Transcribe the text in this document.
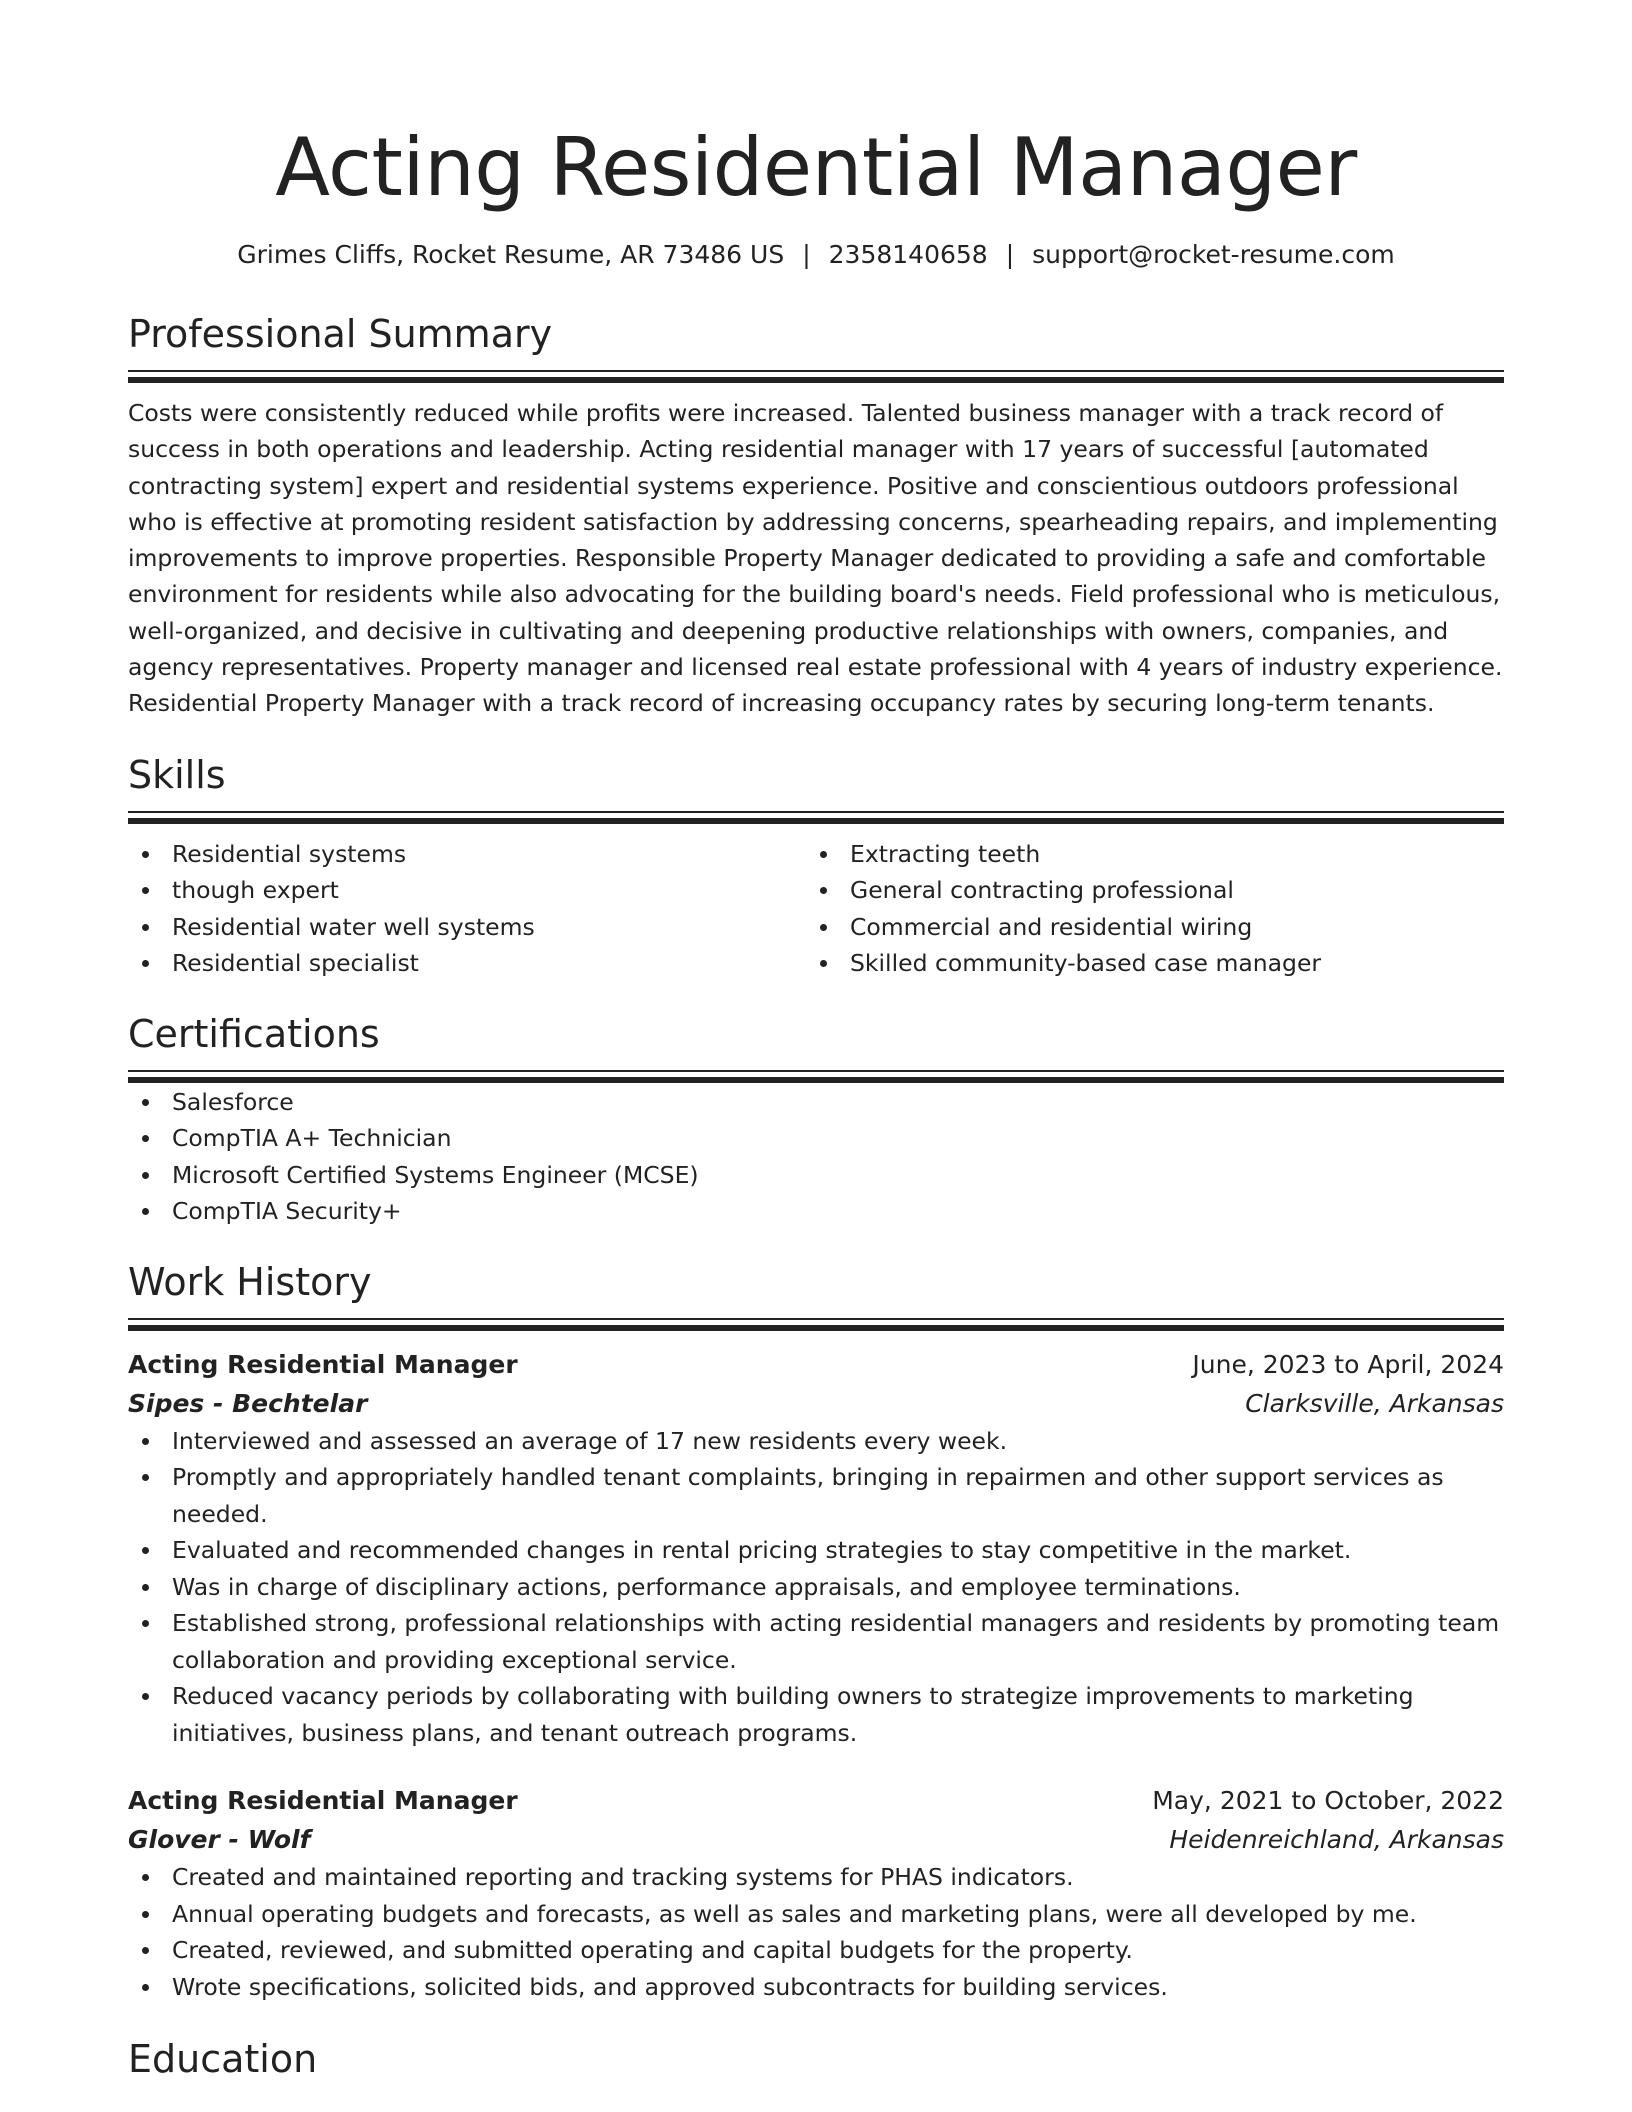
Acting Residential Manager
Grimes Cliffs, Rocket Resume, AR 73486 US | 2358140658 | support@rocket-resume.com
Professional Summary
Costs were consistently reduced while profits were increased. Talented business manager with a track record of success in both operations and leadership. Acting residential manager with 17 years of successful [automated contracting system] expert and residential systems experience. Positive and conscientious outdoors professional who is effective at promoting resident satisfaction by addressing concerns, spearheading repairs, and implementing improvements to improve properties. Responsible Property Manager dedicated to providing a safe and comfortable environment for residents while also advocating for the building board's needs. Field professional who is meticulous, well-organized, and decisive in cultivating and deepening productive relationships with owners, companies, and agency representatives. Property manager and licensed real estate professional with 4 years of industry experience. Residential Property Manager with a track record of increasing occupancy rates by securing long-term tenants.
Skills
Residential systems
though expert
Residential water well systems
Residential specialist
Extracting teeth
General contracting professional
Commercial and residential wiring
Skilled community-based case manager
Certifications
Salesforce
CompTIA A+ Technician
Microsoft Certified Systems Engineer (MCSE)
CompTIA Security+
Work History
Acting Residential Manager	June, 2023 to April, 2024
Sipes - Bechtelar	Clarksville, Arkansas
Interviewed and assessed an average of 17 new residents every week.
Promptly and appropriately handled tenant complaints, bringing in repairmen and other support services as needed.
Evaluated and recommended changes in rental pricing strategies to stay competitive in the market.
Was in charge of disciplinary actions, performance appraisals, and employee terminations.
Established strong, professional relationships with acting residential managers and residents by promoting team collaboration and providing exceptional service.
Reduced vacancy periods by collaborating with building owners to strategize improvements to marketing initiatives, business plans, and tenant outreach programs.
Acting Residential Manager	May, 2021 to October, 2022
Glover - Wolf	Heidenreichland, Arkansas
Created and maintained reporting and tracking systems for PHAS indicators.
Annual operating budgets and forecasts, as well as sales and marketing plans, were all developed by me.
Created, reviewed, and submitted operating and capital budgets for the property.
Wrote specifications, solicited bids, and approved subcontracts for building services.
Education
